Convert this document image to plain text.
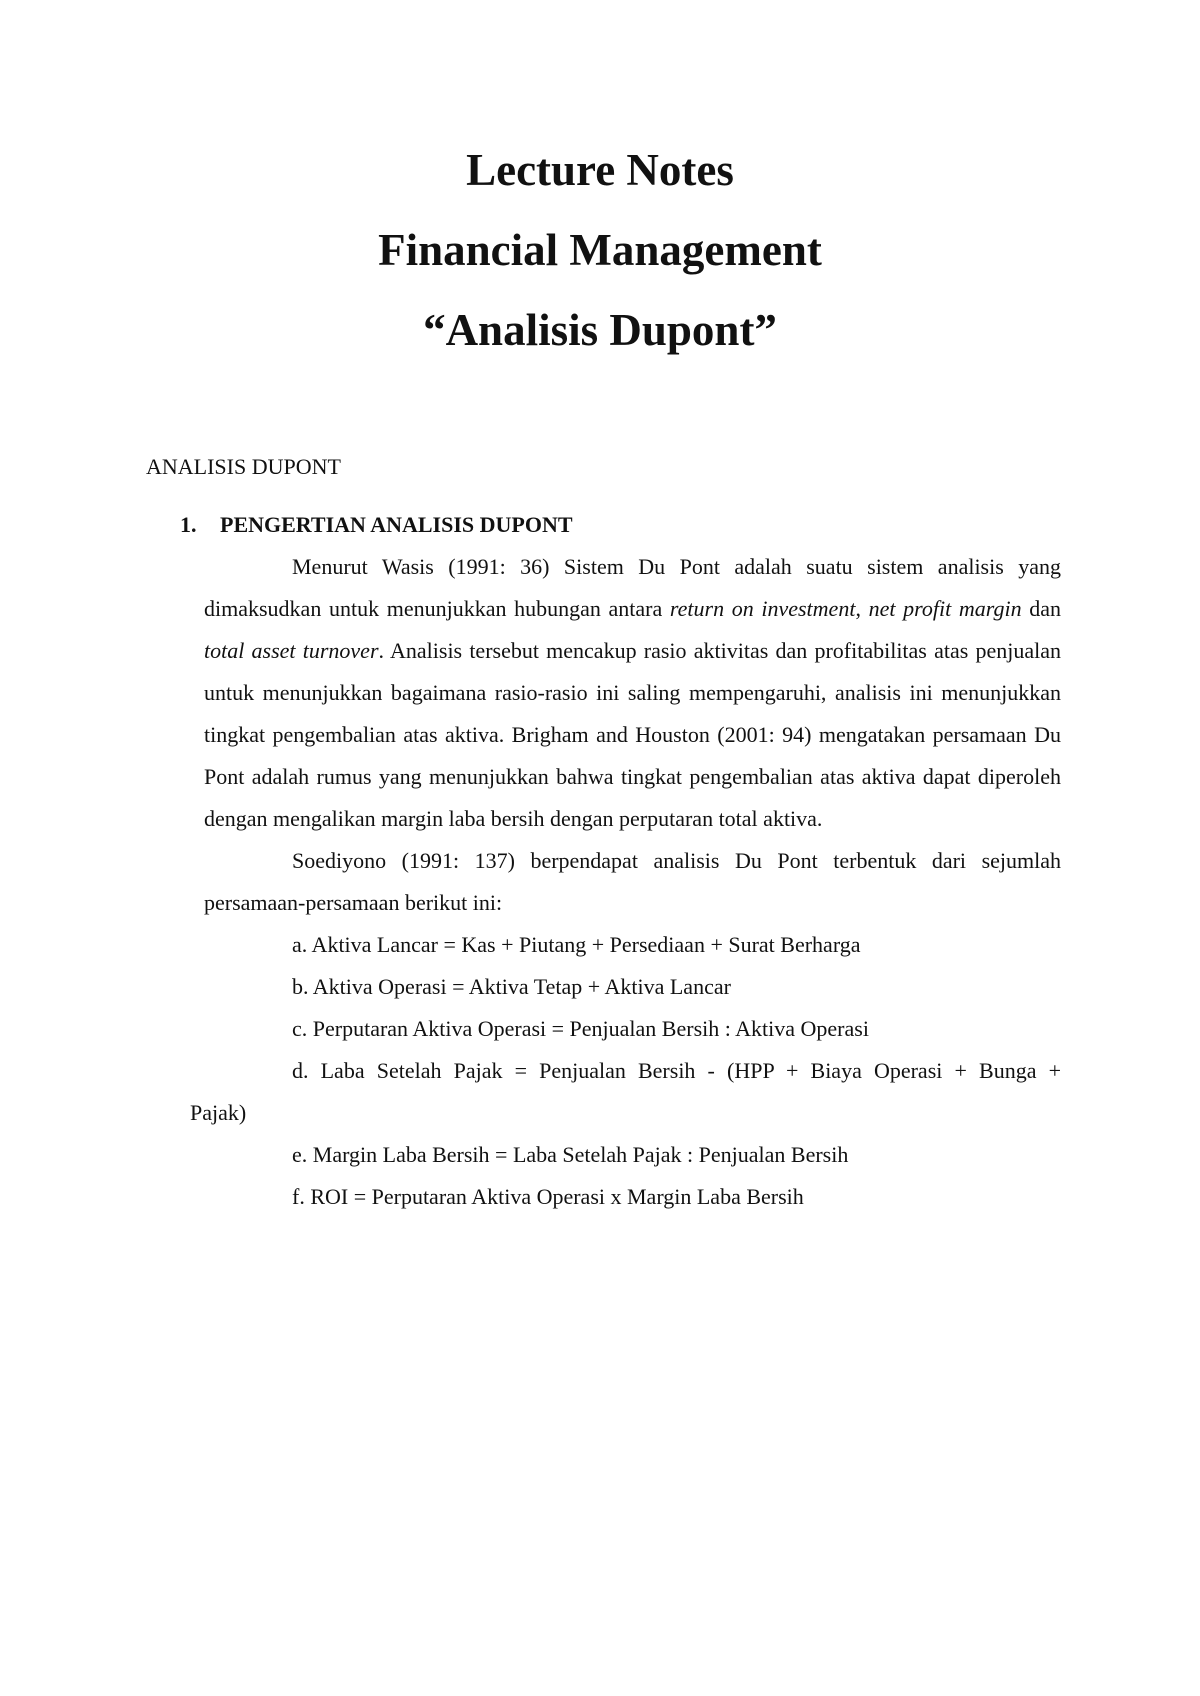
Lecture Notes

Financial Management

“Analisis Dupont”

ANALISIS DUPONT
1. PENGERTIAN ANALISIS DUPONT

Menurut Wasis (1991: 36) Sistem Du Pont adalah suatu sistem analisis yang dimaksudkan untuk menunjukkan hubungan antara return on investment, net profit margin dan total asset turnover. Analisis tersebut mencakup rasio aktivitas dan profitabilitas atas penjualan untuk menunjukkan bagaimana rasio-rasio ini saling mempengaruhi, analisis ini menunjukkan tingkat pengembalian atas aktiva. Brigham and Houston (2001: 94) mengatakan persamaan Du Pont adalah rumus yang menunjukkan bahwa tingkat pengembalian atas aktiva dapat diperoleh dengan mengalikan margin laba bersih dengan perputaran total aktiva.

Soediyono (1991: 137) berpendapat analisis Du Pont terbentuk dari sejumlah persamaan-persamaan berikut ini:

a. Aktiva Lancar = Kas + Piutang + Persediaan + Surat Berharga

b. Aktiva Operasi = Aktiva Tetap + Aktiva Lancar

c. Perputaran Aktiva Operasi = Penjualan Bersih : Aktiva Operasi

d. Laba Setelah Pajak = Penjualan Bersih - (HPP + Biaya Operasi + Bunga +

Pajak)

e. Margin Laba Bersih = Laba Setelah Pajak : Penjualan Bersih

f. ROI = Perputaran Aktiva Operasi x Margin Laba Bersih
